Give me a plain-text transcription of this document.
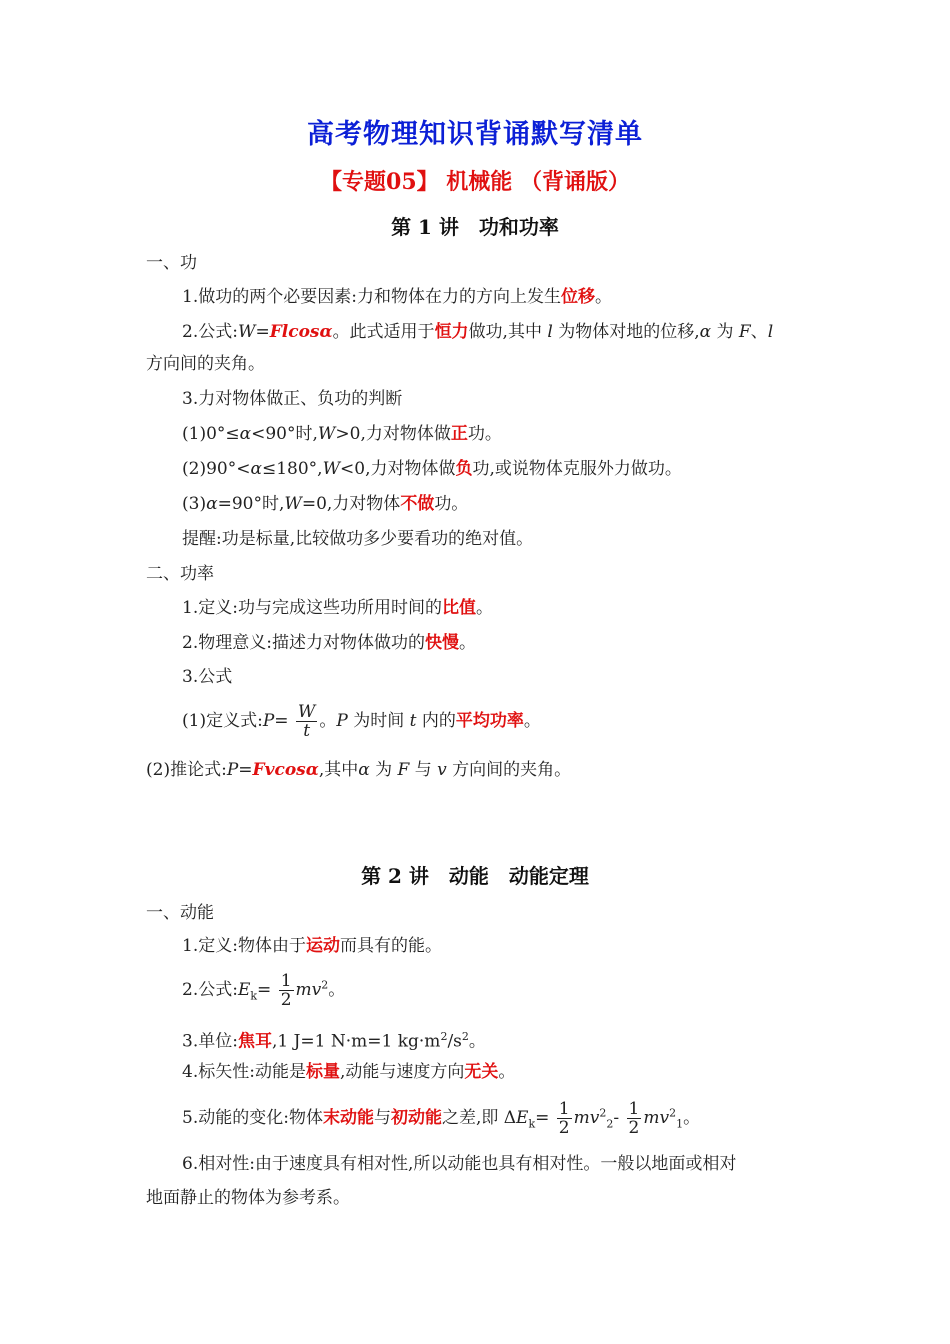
高考物理知识背诵默写清单
【专题05】 机械能 （背诵版）
第 1 讲　功和功率
一、功
1.做功的两个必要因素:力和物体在力的方向上发生位移。
2.公式:W=Flcosα。此式适用于恒力做功,其中 l 为物体对地的位移,α 为 F、l
方向间的夹角。
3.力对物体做正、负功的判断
(1)0°≤α<90°时,W>0,力对物体做正功。
(2)90°<α≤180°,W<0,力对物体做负功,或说物体克服外力做功。
(3)α=90°时,W=0,力对物体不做功。
提醒:功是标量,比较做功多少要看功的绝对值。
二、功率
1.定义:功与完成这些功所用时间的比值。
2.物理意义:描述力对物体做功的快慢。
3.公式
(1)定义式:P= $\frac{W}{t}$ 。P 为时间 t 内的平均功率。
(2)推论式:P=Fvcosα,其中α 为 F 与 v 方向间的夹角。
第 2 讲　动能　动能定理
一、动能
1.定义:物体由于运动而具有的能。
2.公式$:E_k= \frac{1}{2} mv^2$。
3.单位:焦耳,1 J=1 N·m=1 $kg\cdot m^2/s^2$。
4.标矢性:动能是标量,动能与速度方向无关。
5.动能的变化:物体末动能与初动能之差,即 $\Delta E_k= \frac{1}{2} mv^2_2- \frac{1}{2} mv^2_1$。
6.相对性:由于速度具有相对性,所以动能也具有相对性。一般以地面或相对
地面静止的物体为参考系。
